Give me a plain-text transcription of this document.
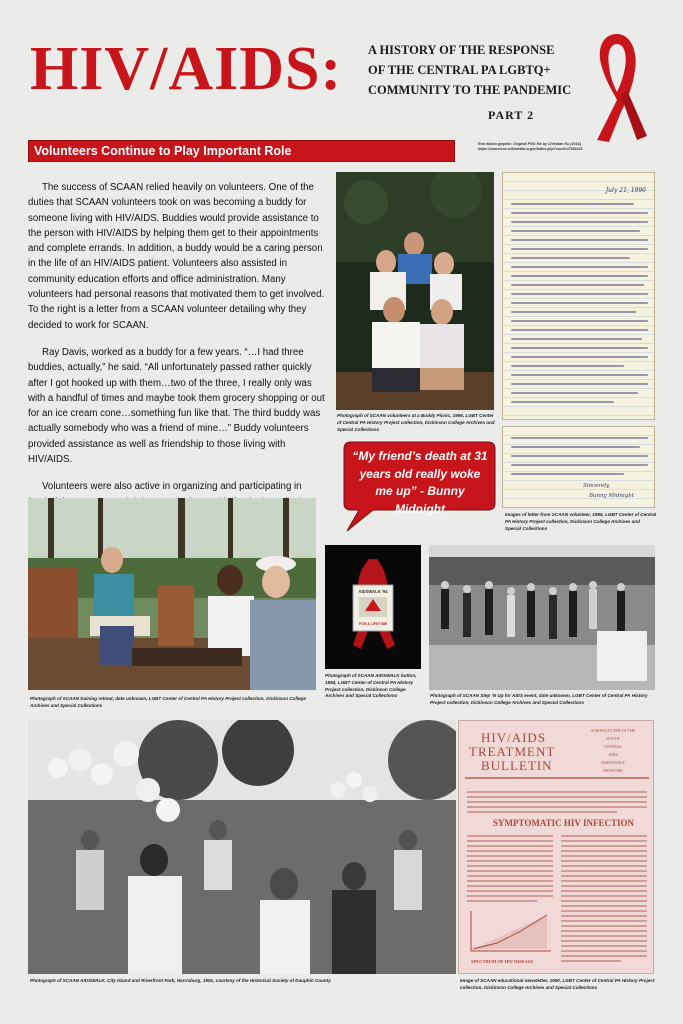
HIV/AIDS: A HISTORY OF THE RESPONSE
OF THE CENTRAL PA LGBTQ+
COMMUNITY TO THE PANDEMIC
PART 2
Red ribbon graphic: Original PNG file by Christian Ku (2014), https://commons.wikimedia.org/w/index.php?curid=37651142
Volunteers Continue to Play Important Role

The success of SCAAN relied heavily on volunteers. One of the duties that SCAAN volunteers took on was becoming a buddy for someone living with HIV/AIDS. Buddies would provide assistance to the person with HIV/AIDS by helping them get to their appointments and complete errands. In addition, a buddy would be a caring person in the life of an HIV/AIDS patient. Volunteers also assisted in community education efforts and office administration. Many volunteers had personal reasons that motivated them to get involved. To the right is a letter from a SCAAN volunteer detailing why they decided to work for SCAAN.

Ray Davis, worked as a buddy for a few years. “…I had three buddies, actually,” he said. “All unfortunately passed rather quickly after I got hooked up with them…two of the three, I really only was with a handful of times and maybe took them grocery shopping or out for an ice cream cone…something fun like that. The third buddy was actually somebody who was a friend of mine…” Buddy volunteers provided assistance as well as friendship to those living with HIV/AIDS.

Volunteers were also active in organizing and participating in

Photograph of SCAAN volunteers at a Buddy Picnic, 1996, LGBT Center of Central PA History Project collection, Dickinson College Archives and Special Collections
July 21, 1996
Sincerely,
Bunny Midnight
Images of letter from SCAAN volunteer, 1996, LGBT Center of Central PA History Project collection, Dickinson College Archives and Special Collections
“My friend’s death at 31 years old really woke me up” - Bunny Midnight
Photograph of SCAAN training retreat, date unknown, LGBT Center of Central PA History Project collection, Dickinson College Archives and Special Collections
AIDSWALK '94
FOR A LIFETIME
Photograph of SCAAN AIDSWALK button, 1994, LGBT Center of Central PA History Project collection, Dickinson College Archives and Special Collections	Photograph of SCAAN Step ‘N Up for AIDS event, date unknown, LGBT Center of Central PA History Project collection, Dickinson College Archives and Special Collections
Photograph of SCAAN AIDSWALK, City Island and Riverfront Park, Harrisburg, 1991, courtesy of the Historical Society of Dauphin County
A NEWSLETTER OF THE
SOUTH
CENTRAL
AIDS
ASSISTANCE
NETWORK
HIV/AIDS
TREATMENT
BULLETIN
SYMPTOMATIC HIV INFECTION
SPECTRUM OF HIV DISEASE
Image of SCAAN educational newsletter, 1990, LGBT Center of Central PA History Project collection, Dickinson College Archives and Special Collections
